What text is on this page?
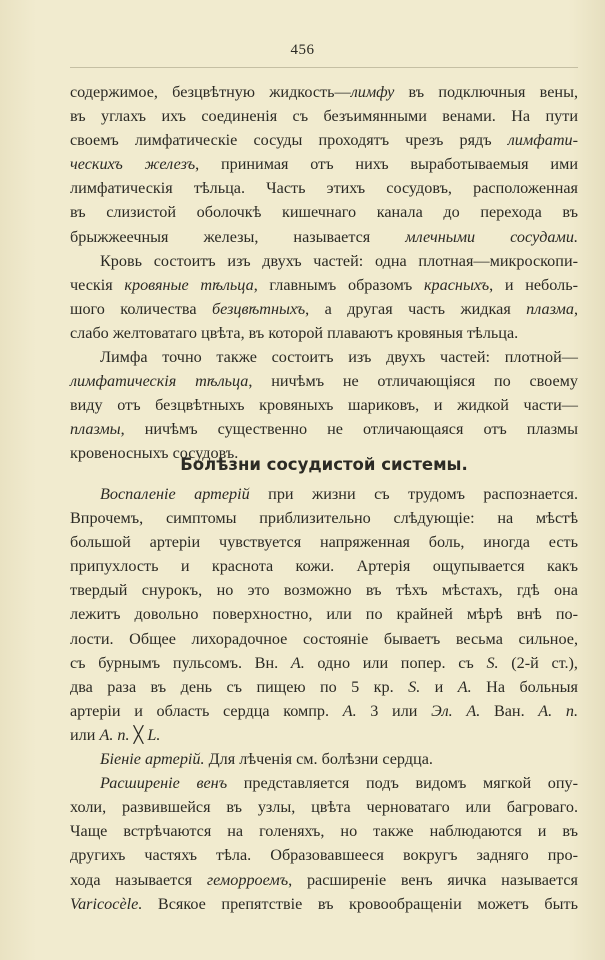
456
содержимое, безцвѣтную жидкость—лимфу въ подключныя вены,
въ углахъ ихъ соединенія съ безъимянными венами. На пути
своемъ лимфатическіе сосуды проходятъ чрезъ рядъ лимфати-
ческихъ железъ, принимая отъ нихъ выработываемыя ими
лимфатическія тѣльца. Часть этихъ сосудовъ, расположенная
въ слизистой оболочкѣ кишечнаго канала до перехода въ
брыжжеечныя железы, называется млечными сосудами.
Кровь состоитъ изъ двухъ частей: одна плотная—микроскопи-
ческія кровяные тѣльца, главнымъ образомъ красныхъ, и неболь-
шого количества безцвѣтныхъ, а другая часть жидкая плазма,
слабо желтоватаго цвѣта, въ которой плаваютъ кровяныя тѣльца.
Лимфа точно также состоитъ изъ двухъ частей: плотной—
лимфатическія тѣльца, ничѣмъ не отличающіяся по своему
виду отъ безцвѣтныхъ кровяныхъ шариковъ, и жидкой части—
плазмы, ничѣмъ существенно не отличающаяся отъ плазмы
кровеносныхъ сосудовъ.
Болѣзни сосудистой системы.
Воспаленіе артерій при жизни съ трудомъ распознается.
Впрочемъ, симптомы приблизительно слѣдующіе: на мѣстѣ
большой артеріи чувствуется напряженная боль, иногда есть
припухлость и краснота кожи. Артерія ощупывается какъ
твердый снурокъ, но это возможно въ тѣхъ мѣстахъ, гдѣ она
лежитъ довольно поверхностно, или по крайней мѣрѣ внѣ по-
лости. Общее лихорадочное состояніе бываетъ весьма сильное,
съ бурнымъ пульсомъ. Вн. A. одно или попер. съ S. (2-й ст.),
два раза въ день съ пищею по 5 кр. S. и A. На больныя
артеріи и область сердца компр. A. 3 или Эл. A. Ван. A. п.
или A. п. ╳ L.
Біеніе артерій. Для лѣченія см. болѣзни сердца.
Расширеніе венъ представляется подъ видомъ мягкой опу-
холи, развившейся въ узлы, цвѣта черноватаго или багроваго.
Чаще встрѣчаются на голеняхъ, но также наблюдаются и въ
другихъ частяхъ тѣла. Образовавшееся вокругъ задняго про-
хода называется геморроемъ, расширеніе венъ яичка называется
Varicocèle. Всякое препятствіе въ кровообращеніи можетъ быть
